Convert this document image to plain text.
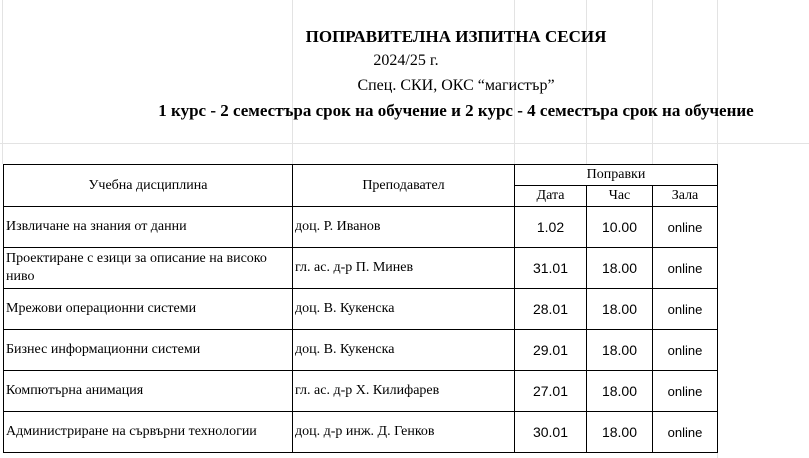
ПОПРАВИТЕЛНА ИЗПИТНА СЕСИЯ
2024/25 г.
Спец. СКИ, ОКС “магистър”
1 курс - 2 семестъра срок на обучение и 2 курс - 4 семестъра срок на обучение
Учебна дисциплина	Преподавател	Поправки		
		Дата	Час	Зала

Извличане на знания от данни	доц. Р. Иванов	1.02	10.00	online

Проектиране с езици за описание на високо ниво	гл. ас. д-р П. Минев	31.01	18.00	online

Мрежови операционни системи	доц. В. Кукенска	28.01	18.00	online

Бизнес информационни системи	доц. В. Кукенска	29.01	18.00	online

Компютърна анимация	гл. ас. д-р Х. Килифарев	27.01	18.00	online

Администриране на сървърни технологии	доц. д-р инж. Д. Генков	30.01	18.00	online
